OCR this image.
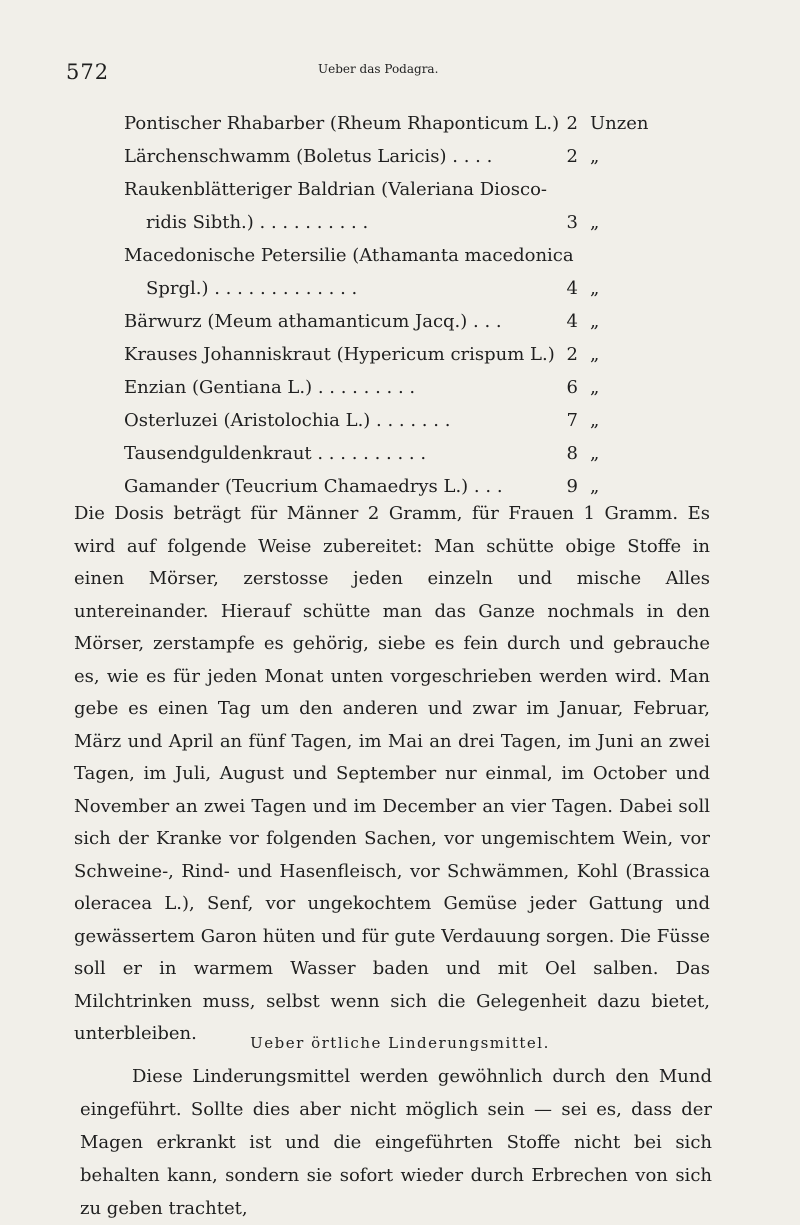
572	Ueber das Podagra.
Pontischer Rhabarber (Rheum Rhaponticum L.) 2 Unzen
Lärchenschwamm (Boletus Laricis) . . . .	2 „
Raukenblätteriger Baldrian (Valeriana Diosco-
ridis Sibth.) . . . . . . . . . .	3 „
Macedonische Petersilie (Athamanta macedonica
Sprgl.) . . . . . . . . . . . . .	4 „
Bärwurz (Meum athamanticum Jacq.) . . .	4 „
Krauses Johanniskraut (Hypericum crispum L.) 2 „
Enzian (Gentiana L.) . . . . . . . . .	6 „
Osterluzei (Aristolochia L.) . . . . . . .	7 „
Tausendguldenkraut . . . . . . . . . .	8 „
Gamander (Teucrium Chamaedrys L.) . . .	9 „
Die Dosis beträgt für Männer 2 Gramm, für Frauen 1 Gramm. Es wird auf folgende Weise zubereitet: Man schütte obige Stoffe in einen Mörser, zerstosse jeden einzeln und mische Alles untereinander. Hierauf schütte man das Ganze nochmals in den Mörser, zerstampfe es gehörig, siebe es fein durch und gebrauche es, wie es für jeden Monat unten vorgeschrieben werden wird. Man gebe es einen Tag um den anderen und zwar im Januar, Februar, März und April an fünf Tagen, im Mai an drei Tagen, im Juni an zwei Tagen, im Juli, August und September nur einmal, im October und November an zwei Tagen und im December an vier Tagen. Dabei soll sich der Kranke vor folgenden Sachen, vor ungemischtem Wein, vor Schweine-, Rind- und Hasenfleisch, vor Schwämmen, Kohl (Brassica oleracea L.), Senf, vor ungekochtem Gemüse jeder Gattung und gewässertem Garon hüten und für gute Verdauung sorgen. Die Füsse soll er in warmem Wasser baden und mit Oel salben. Das Milchtrinken muss, selbst wenn sich die Gelegenheit dazu bietet, unterbleiben.	Ueber örtliche Linderungsmittel.
Diese Linderungsmittel werden gewöhnlich durch den Mund eingeführt. Sollte dies aber nicht möglich sein — sei es, dass der Magen erkrankt ist und die eingeführten Stoffe nicht bei sich behalten kann, sondern sie sofort wieder durch Erbrechen von sich zu geben trachtet,
